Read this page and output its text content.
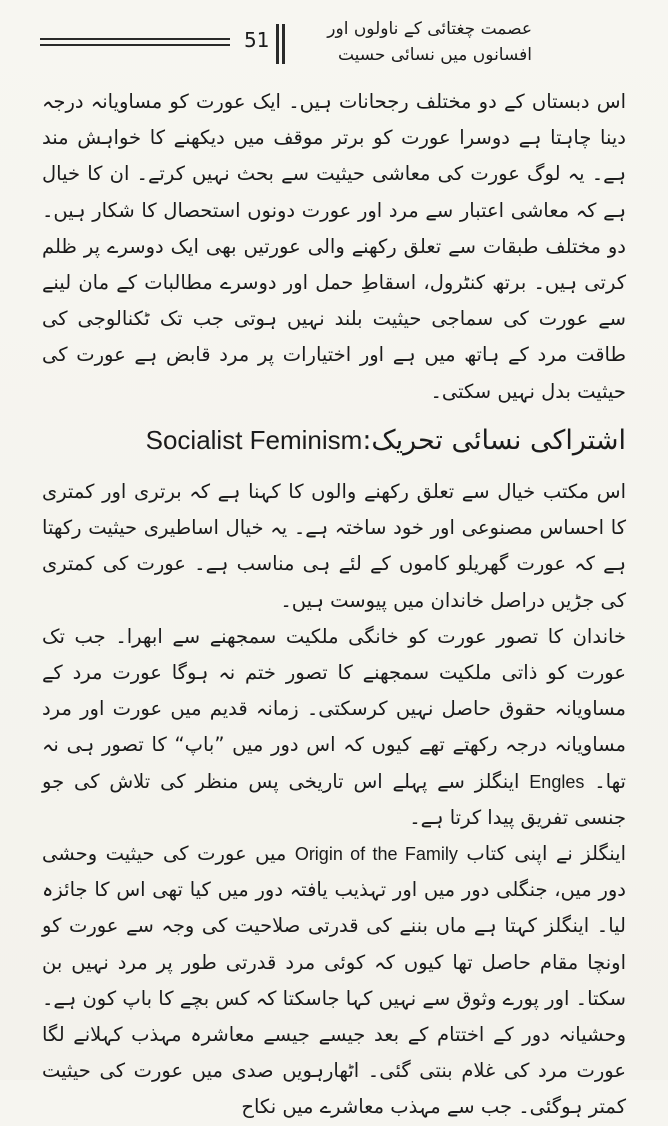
51	عصمت چغتائی کے ناولوں اور
افسانوں میں نسائی حسیت

اس دبستاں کے دو مختلف رجحانات ہیں۔ ایک عورت کو مساویانہ درجہ دینا چاہتا ہے دوسرا عورت کو برتر موقف میں دیکھنے کا خواہش مند ہے۔ یہ لوگ عورت کی معاشی حیثیت سے بحث نہیں کرتے۔ ان کا خیال ہے کہ معاشی اعتبار سے مرد اور عورت دونوں استحصال کا شکار ہیں۔ دو مختلف طبقات سے تعلق رکھنے والی عورتیں بھی ایک دوسرے پر ظلم کرتی ہیں۔ برتھ کنٹرول، اسقاطِ حمل اور دوسرے مطالبات کے مان لینے سے عورت کی سماجی حیثیت بلند نہیں ہوتی جب تک ٹکنالوجی کی طاقت مرد کے ہاتھ میں ہے اور اختیارات پر مرد قابض ہے عورت کی حیثیت بدل نہیں سکتی۔

اشتراکی نسائی تحریک:Socialist Feminism

اس مکتب خیال سے تعلق رکھنے والوں کا کہنا ہے کہ برتری اور کمتری کا احساس مصنوعی اور خود ساختہ ہے۔ یہ خیال اساطیری حیثیت رکھتا ہے کہ عورت گھریلو کاموں کے لئے ہی مناسب ہے۔ عورت کی کمتری کی جڑیں دراصل خاندان میں پیوست ہیں۔

خاندان کا تصور عورت کو خانگی ملکیت سمجھنے سے ابھرا۔ جب تک عورت کو ذاتی ملکیت سمجھنے کا تصور ختم نہ ہوگا عورت مرد کے مساویانہ حقوق حاصل نہیں کرسکتی۔ زمانہ قدیم میں عورت اور مرد مساویانہ درجہ رکھتے تھے کیوں کہ اس دور میں ”باپ“ کا تصور ہی نہ تھا۔ Engles اینگلز سے پہلے اس تاریخی پس منظر کی تلاش کی جو جنسی تفریق پیدا کرتا ہے۔

اینگلز نے اپنی کتاب Origin of the Family میں عورت کی حیثیت وحشی دور میں، جنگلی دور میں اور تہذیب یافتہ دور میں کیا تھی اس کا جائزہ لیا۔ اینگلز کہتا ہے ماں بننے کی قدرتی صلاحیت کی وجہ سے عورت کو اونچا مقام حاصل تھا کیوں کہ کوئی مرد قدرتی طور پر مرد نہیں بن سکتا۔ اور پورے وثوق سے نہیں کہا جاسکتا کہ کس بچے کا باپ کون ہے۔ وحشیانہ دور کے اختتام کے بعد جیسے جیسے معاشرہ مہذب کہلانے لگا عورت مرد کی غلام بنتی گئی۔ اٹھارہویں صدی میں عورت کی حیثیت کمتر ہوگئی۔ جب سے مہذب معاشرے میں نکاح
